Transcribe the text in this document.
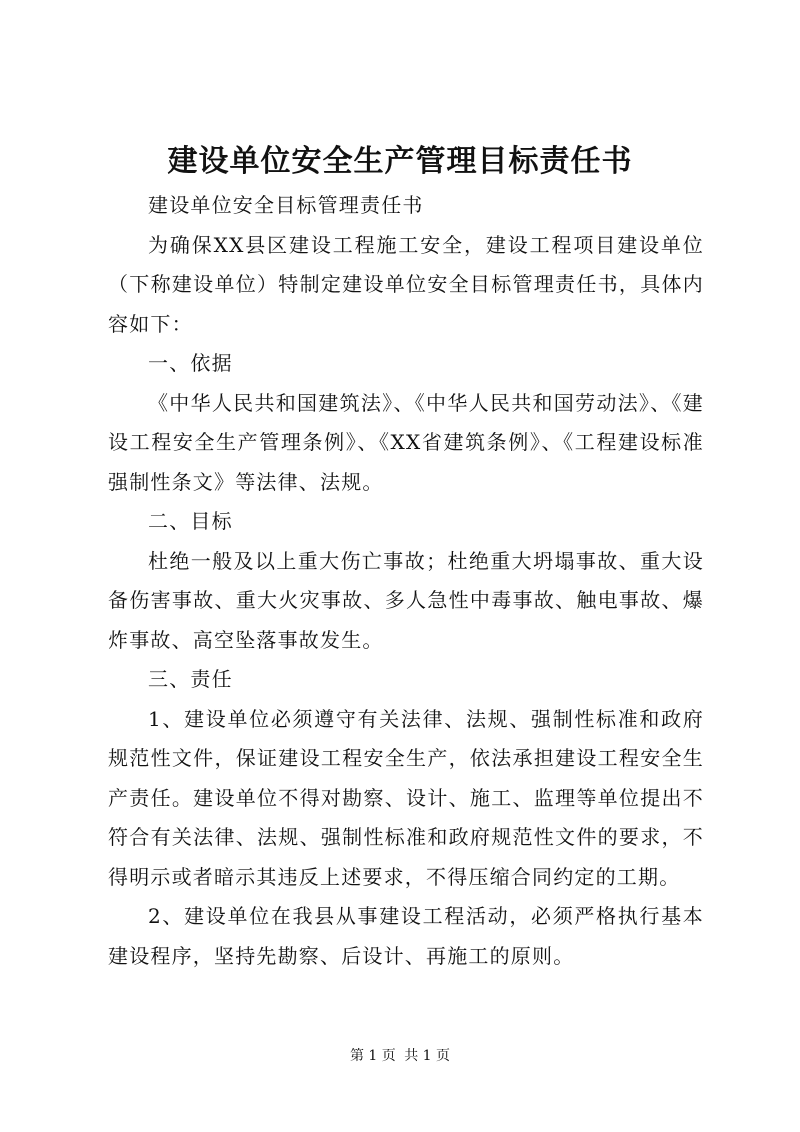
建设单位安全生产管理目标责任书

建设单位安全目标管理责任书

为确保XX县区建设工程施工安全，建设工程项目建设单位（下称建设单位）特制定建设单位安全目标管理责任书，具体内容如下：

一、依据

《中华人民共和国建筑法》、《中华人民共和国劳动法》、《建设工程安全生产管理条例》、《XX省建筑条例》、《工程建设标准强制性条文》等法律、法规。

二、目标

杜绝一般及以上重大伤亡事故；杜绝重大坍塌事故、重大设备伤害事故、重大火灾事故、多人急性中毒事故、触电事故、爆炸事故、高空坠落事故发生。

三、责任

1、建设单位必须遵守有关法律、法规、强制性标准和政府规范性文件，保证建设工程安全生产，依法承担建设工程安全生产责任。建设单位不得对勘察、设计、施工、监理等单位提出不符合有关法律、法规、强制性标准和政府规范性文件的要求，不得明示或者暗示其违反上述要求，不得压缩合同约定的工期。

2、建设单位在我县从事建设工程活动，必须严格执行基本建设程序，坚持先勘察、后设计、再施工的原则。

第 1 页 共 1 页
